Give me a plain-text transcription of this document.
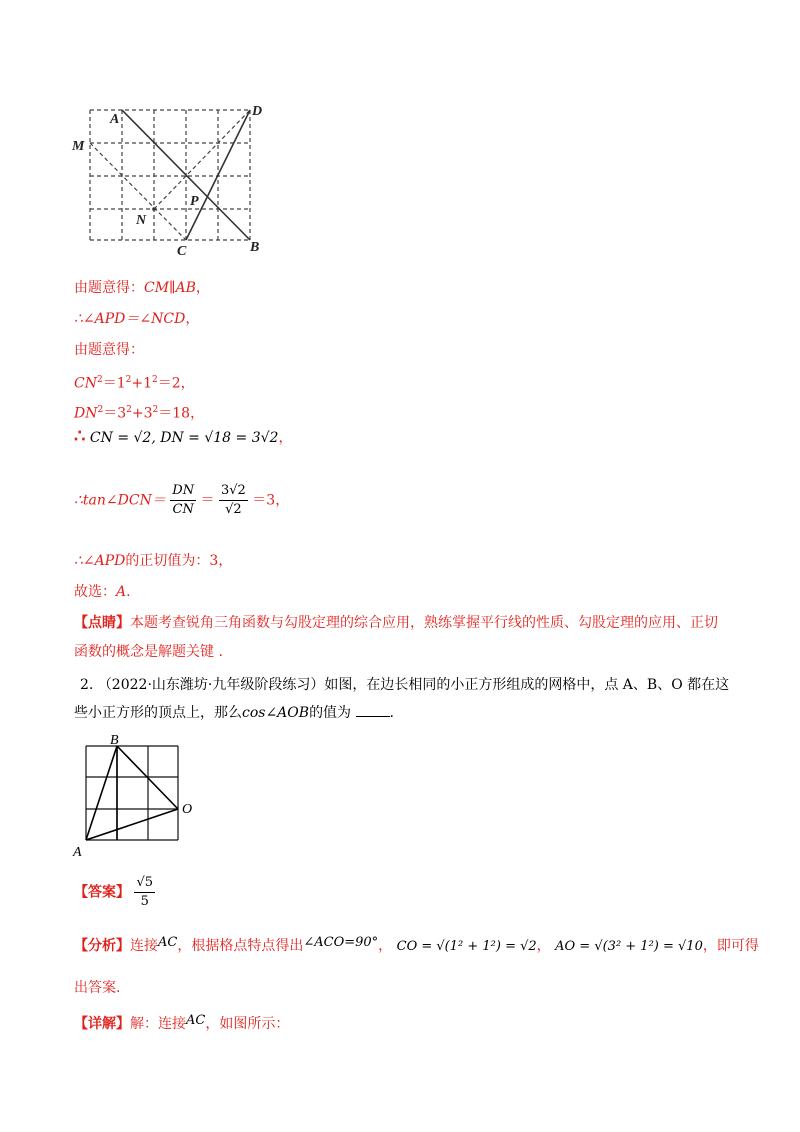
A
D
M
N
P
C	B
由题意得：CM∥AB，
∴∠APD＝∠NCD，
由题意得：
$CN^2=1^2+1^2=2$，
$DN^2=3^2+3^2=18$，
∴ CN = √2, DN = √18 = 3√2，
∴tan∠DCN＝ $\frac{DN}{CN} = \frac{3√2}{√2} =3$，
∴∠APD的正切值为：3，
故选：A.
【点睛】本题考查锐角三角函数与勾股定理的综合应用，熟练掌握平行线的性质、勾股定理的应用、正切
函数的概念是解题关键 .
2. （2022·山东潍坊·九年级阶段练习）如图，在边长相同的小正方形组成的网格中，点 A、B、O 都在这
些小正方形的顶点上，那么cos∠AOB的值为	.
B
O
A
【答案】 $\frac{√5}{5}$
【分析】连接AC，根据格点特点得出∠ACO=90°， CO = √(1² + 1²) = √2， AO = √(3² + 1²) = √10，即可得
出答案.
【详解】解：连接AC，如图所示：
